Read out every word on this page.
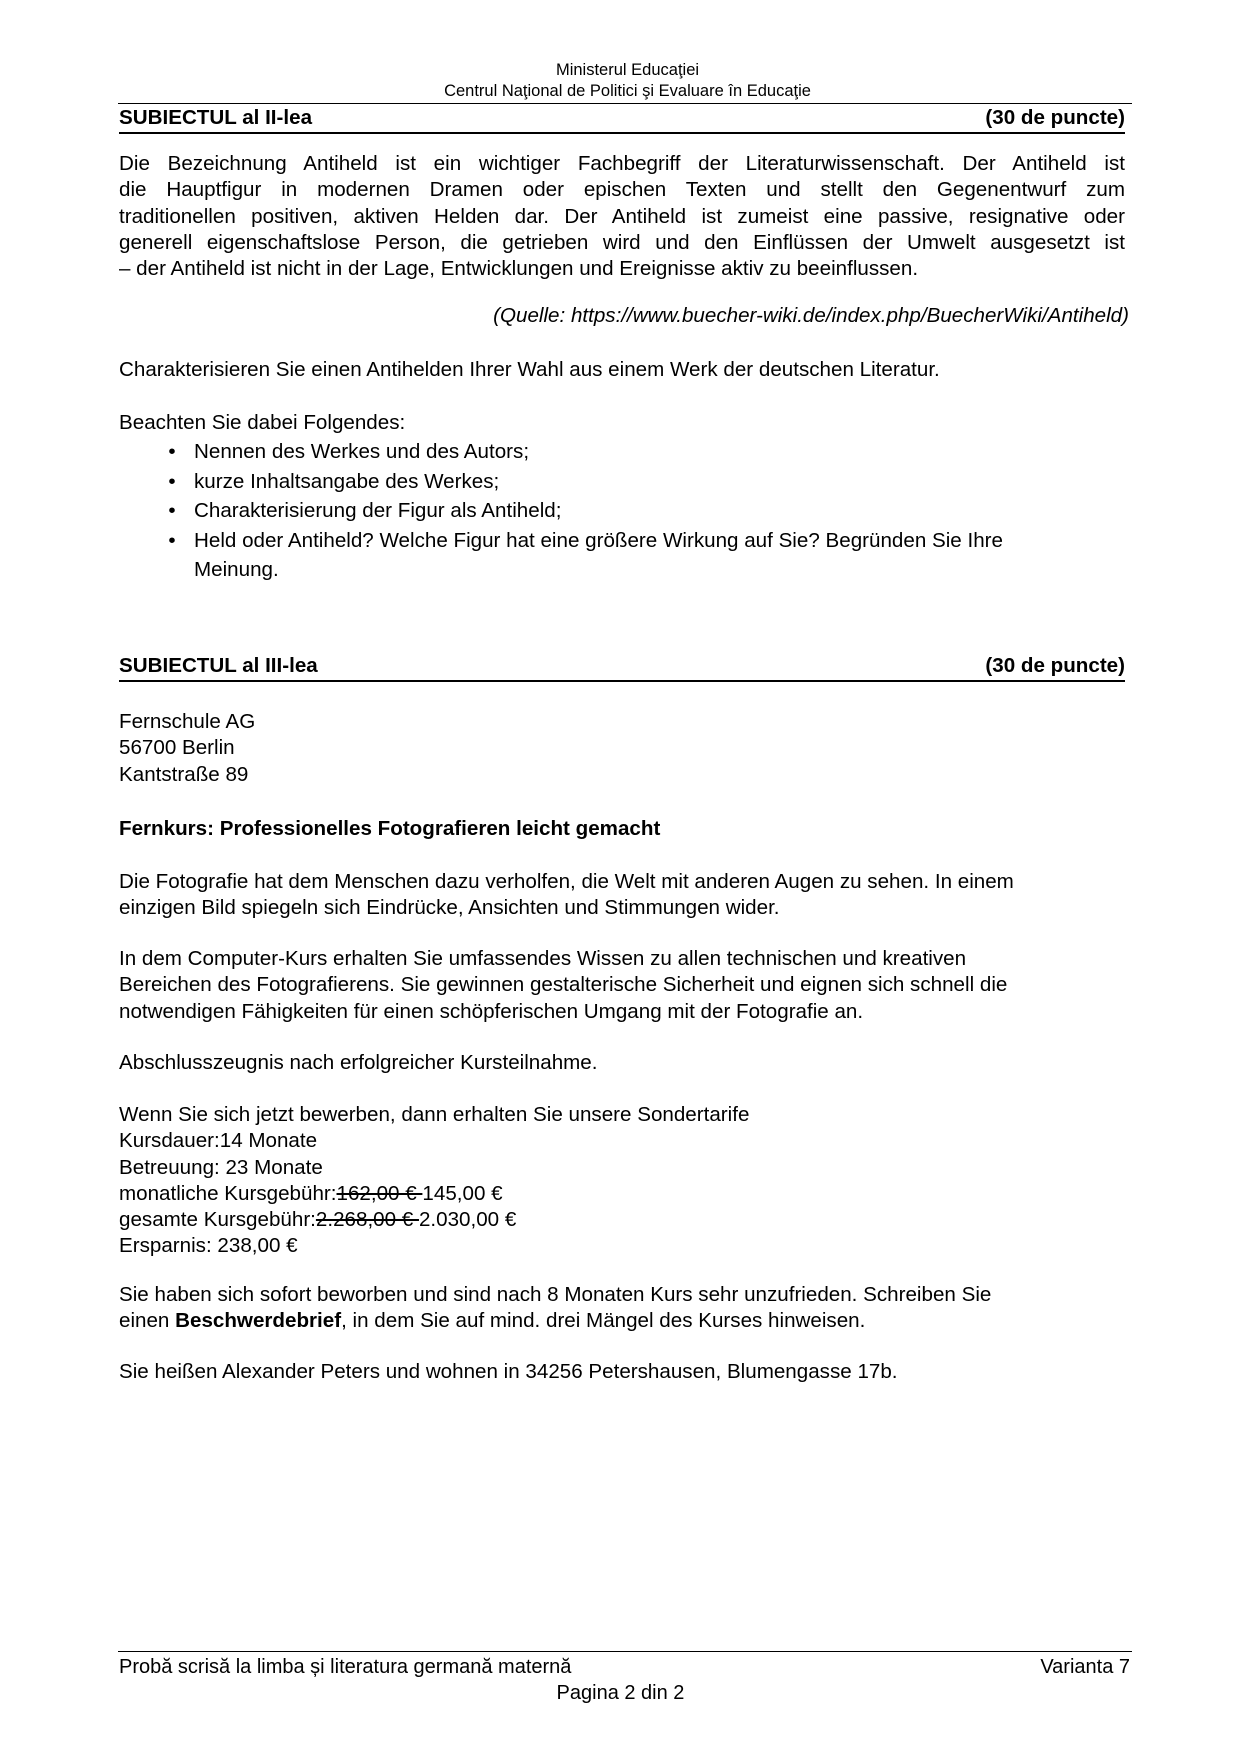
Ministerul Educaţiei
Centrul Naţional de Politici şi Evaluare în Educaţie
SUBIECTUL al II-lea	(30 de puncte)
Die Bezeichnung Antiheld ist ein wichtiger Fachbegriff der Literaturwissenschaft. Der Antiheld ist
die Hauptfigur in modernen Dramen oder epischen Texten und stellt den Gegenentwurf zum
traditionellen positiven, aktiven Helden dar. Der Antiheld ist zumeist eine passive, resignative oder
generell eigenschaftslose Person, die getrieben wird und den Einflüssen der Umwelt ausgesetzt ist
– der Antiheld ist nicht in der Lage, Entwicklungen und Ereignisse aktiv zu beeinflussen.
(Quelle: https://www.buecher-wiki.de/index.php/BuecherWiki/Antiheld)
Charakterisieren Sie einen Antihelden Ihrer Wahl aus einem Werk der deutschen Literatur.
Beachten Sie dabei Folgendes:
• Nennen des Werkes und des Autors;
• kurze Inhaltsangabe des Werkes;
• Charakterisierung der Figur als Antiheld;
• Held oder Antiheld? Welche Figur hat eine größere Wirkung auf Sie? Begründen Sie Ihre
Meinung.
SUBIECTUL al III-lea	(30 de puncte)
Fernschule AG
56700 Berlin
Kantstraße 89
Fernkurs: Professionelles Fotografieren leicht gemacht
Die Fotografie hat dem Menschen dazu verholfen, die Welt mit anderen Augen zu sehen. In einem
einzigen Bild spiegeln sich Eindrücke, Ansichten und Stimmungen wider.
In dem Computer-Kurs erhalten Sie umfassendes Wissen zu allen technischen und kreativen
Bereichen des Fotografierens. Sie gewinnen gestalterische Sicherheit und eignen sich schnell die
notwendigen Fähigkeiten für einen schöpferischen Umgang mit der Fotografie an.
Abschlusszeugnis nach erfolgreicher Kursteilnahme.
Wenn Sie sich jetzt bewerben, dann erhalten Sie unsere Sondertarife
Kursdauer:14 Monate
Betreuung: 23 Monate
monatliche Kursgebühr:162,00 € 145,00 €
gesamte Kursgebühr:2.268,00 € 2.030,00 €
Ersparnis: 238,00 €
Sie haben sich sofort beworben und sind nach 8 Monaten Kurs sehr unzufrieden. Schreiben Sie
einen Beschwerdebrief, in dem Sie auf mind. drei Mängel des Kurses hinweisen.
Sie heißen Alexander Peters und wohnen in 34256 Petershausen, Blumengasse 17b.
Probă scrisă la limba și literatura germană maternă	Varianta 7
Pagina 2 din 2
